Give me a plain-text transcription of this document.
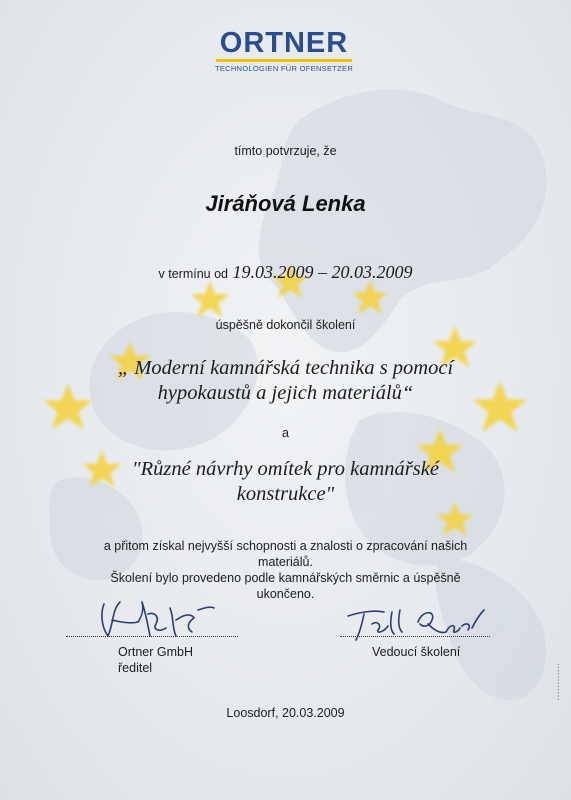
ORTNER
TECHNOLOGIEN FÜR OFENSETZER
tímto potvrzuje, že
Jiráňová Lenka
v termínu od 19.03.2009 – 20.03.2009
úspěšně dokončil školení
„ Moderní kamnářská technika s pomocí
hypokaustů a jejich materiálů“
a
"Různé návrhy omítek pro kamnářské
konstrukce"
a přitom získal nejvyšší schopnosti a znalosti o zpracování našich
materiálů.
Školení bylo provedeno podle kamnářských směrnic a úspěšně
ukončeno.
Ortner GmbH
ředitel
Vedoucí školení
Loosdorf, 20.03.2009
▪ ▪ ▪ ▪ ▪ ▪ ▪ ▪ ▪ ▪ ▪ ▪
